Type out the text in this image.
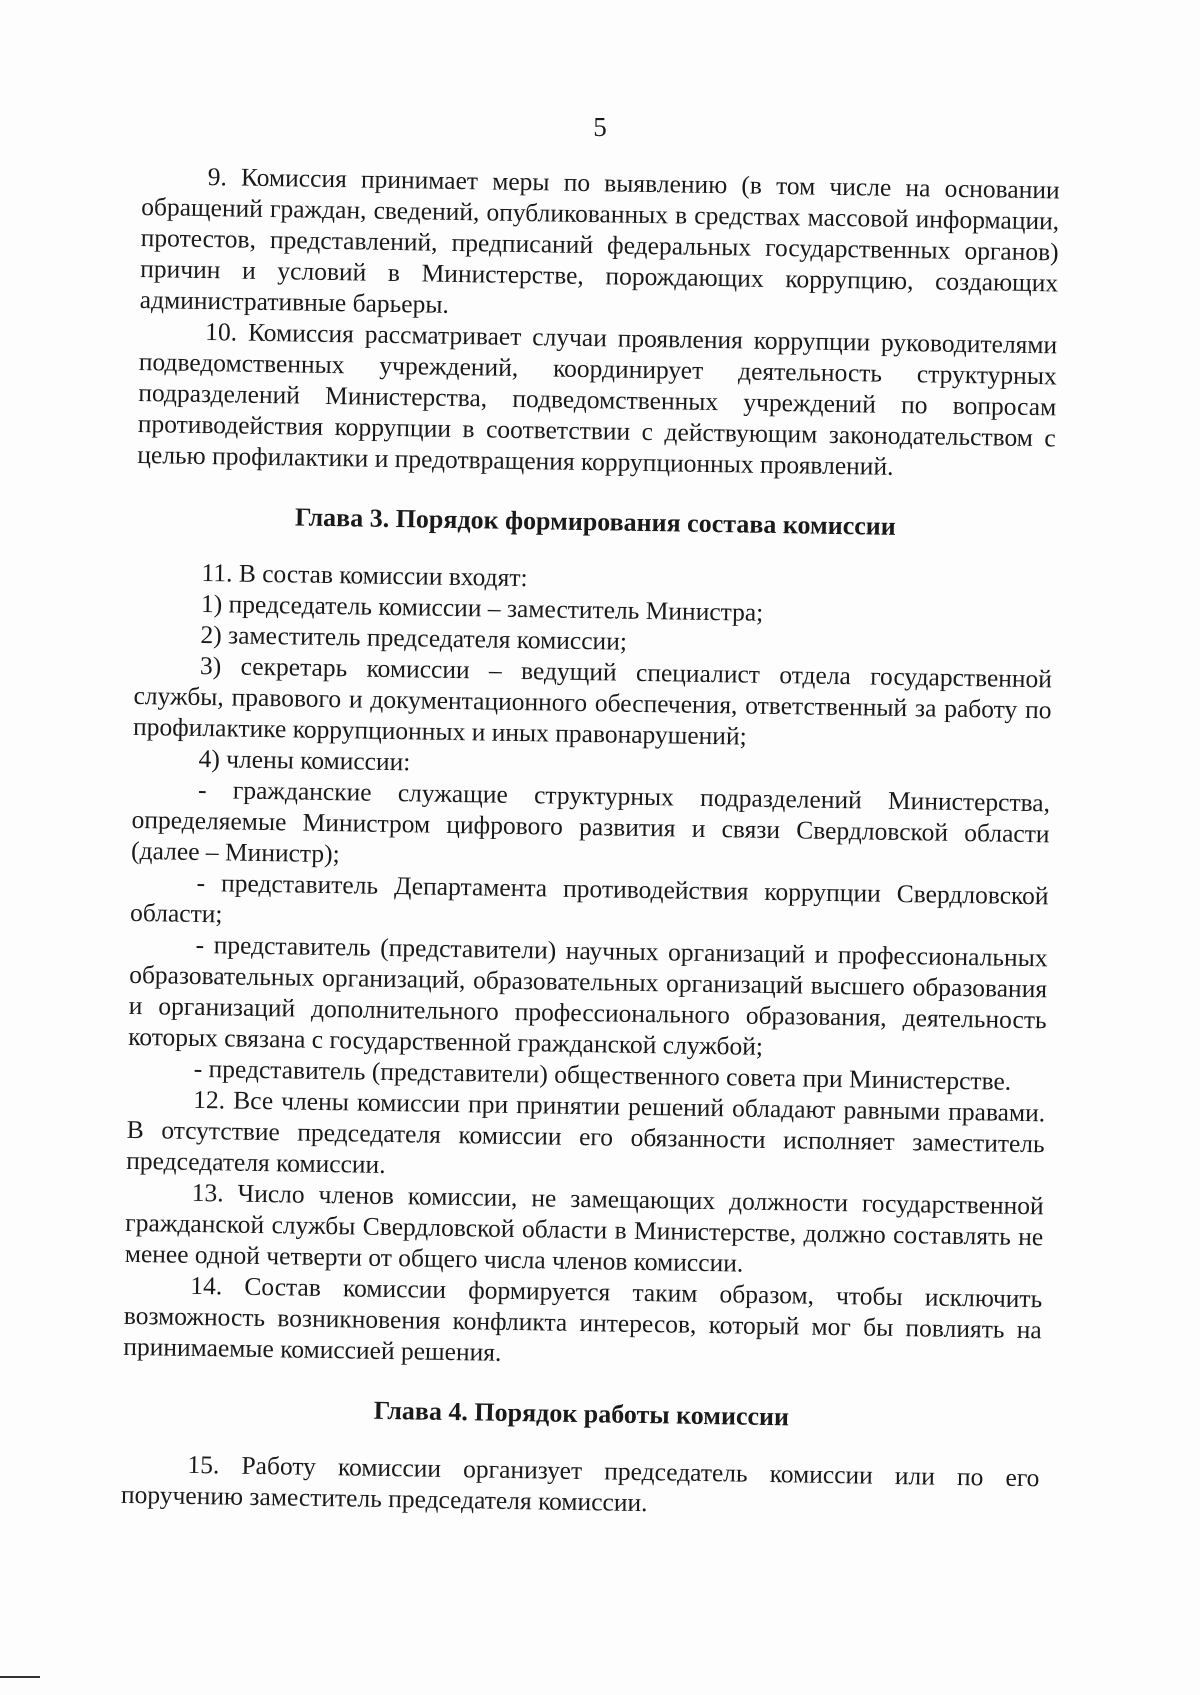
5

9. Комиссия принимает меры по выявлению (в том числе на основании обращений граждан, сведений, опубликованных в средствах массовой информации, протестов, представлений, предписаний федеральных государственных органов) причин и условий в Министерстве, порождающих коррупцию, создающих административные барьеры.

10. Комиссия рассматривает случаи проявления коррупции руководителями подведомственных учреждений, координирует деятельность структурных подразделений Министерства, подведомственных учреждений по вопросам противодействия коррупции в соответствии с действующим законодательством с целью профилактики и предотвращения коррупционных проявлений.

Глава 3. Порядок формирования состава комиссии

11. В состав комиссии входят:

1) председатель комиссии – заместитель Министра;

2) заместитель председателя комиссии;

3) секретарь комиссии – ведущий специалист отдела государственной службы, правового и документационного обеспечения, ответственный за работу по профилактике коррупционных и иных правонарушений;

4) члены комиссии:

- гражданские служащие структурных подразделений Министерства, определяемые Министром цифрового развития и связи Свердловской области (далее – Министр);

- представитель Департамента противодействия коррупции Свердловской области;

- представитель (представители) научных организаций и профессиональных образовательных организаций, образовательных организаций высшего образования и организаций дополнительного профессионального образования, деятельность которых связана с государственной гражданской службой;

- представитель (представители) общественного совета при Министерстве.

12. Все члены комиссии при принятии решений обладают равными правами. В отсутствие председателя комиссии его обязанности исполняет заместитель председателя комиссии.

13. Число членов комиссии, не замещающих должности государственной гражданской службы Свердловской области в Министерстве, должно составлять не менее одной четверти от общего числа членов комиссии.

14. Состав комиссии формируется таким образом, чтобы исключить возможность возникновения конфликта интересов, который мог бы повлиять на принимаемые комиссией решения.

Глава 4. Порядок работы комиссии

15. Работу комиссии организует председатель комиссии или по его поручению заместитель председателя комиссии.
